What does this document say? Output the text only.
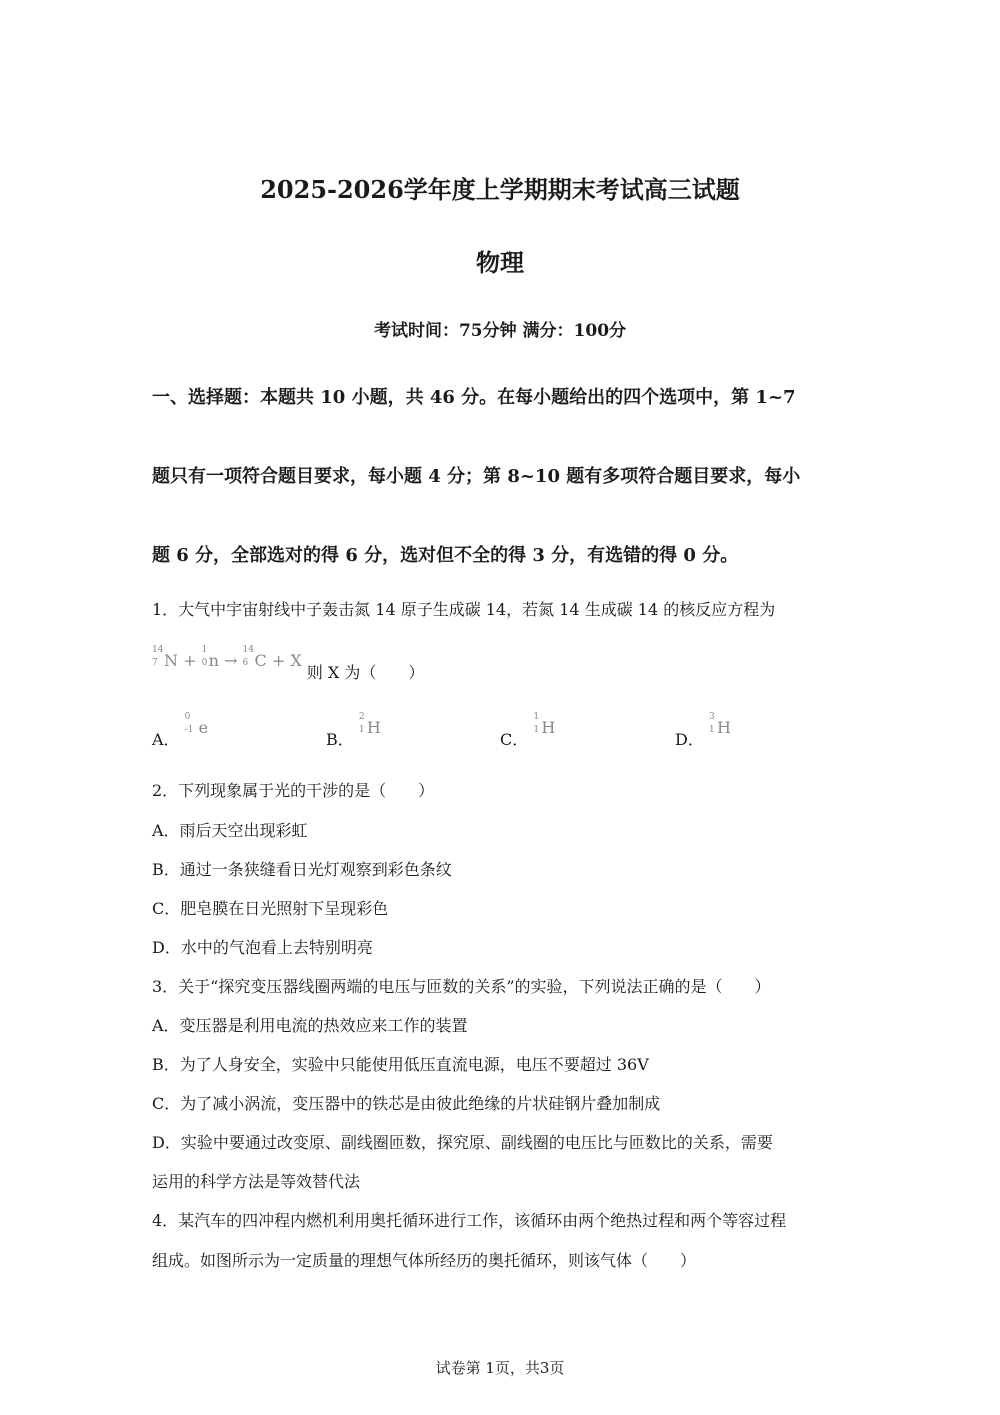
2025-2026学年度上学期期末考试高三试题
物理
考试时间：75分钟 满分：100分
一、选择题：本题共 10 小题，共 46 分。在每小题给出的四个选项中，第 1~7
题只有一项符合题目要求，每小题 4 分；第 8~10 题有多项符合题目要求，每小
题 6 分，全部选对的得 6 分，选对但不全的得 3 分，有选错的得 0 分。
1．大气中宇宙射线中子轰击氮 14 原子生成碳 14，若氮 14 生成碳 14 的核反应方程为
14
7 N +
1
0 n →
14
6 C + X 则 X 为（　　）
A．
0
-1 e
B．
2
1 H
C．
1
1 H
D．
3
1 H
2．下列现象属于光的干涉的是（　　）
A．雨后天空出现彩虹
B．通过一条狭缝看日光灯观察到彩色条纹
C．肥皂膜在日光照射下呈现彩色
D．水中的气泡看上去特别明亮
3．关于“探究变压器线圈两端的电压与匝数的关系”的实验，下列说法正确的是（　　）
A．变压器是利用电流的热效应来工作的装置
B．为了人身安全，实验中只能使用低压直流电源，电压不要超过 36V
C．为了减小涡流，变压器中的铁芯是由彼此绝缘的片状硅钢片叠加制成
D．实验中要通过改变原、副线圈匝数，探究原、副线圈的电压比与匝数比的关系，需要
运用的科学方法是等效替代法
4．某汽车的四冲程内燃机利用奥托循环进行工作，该循环由两个绝热过程和两个等容过程
组成。如图所示为一定质量的理想气体所经历的奥托循环，则该气体（　　）
试卷第 1页，共3页
